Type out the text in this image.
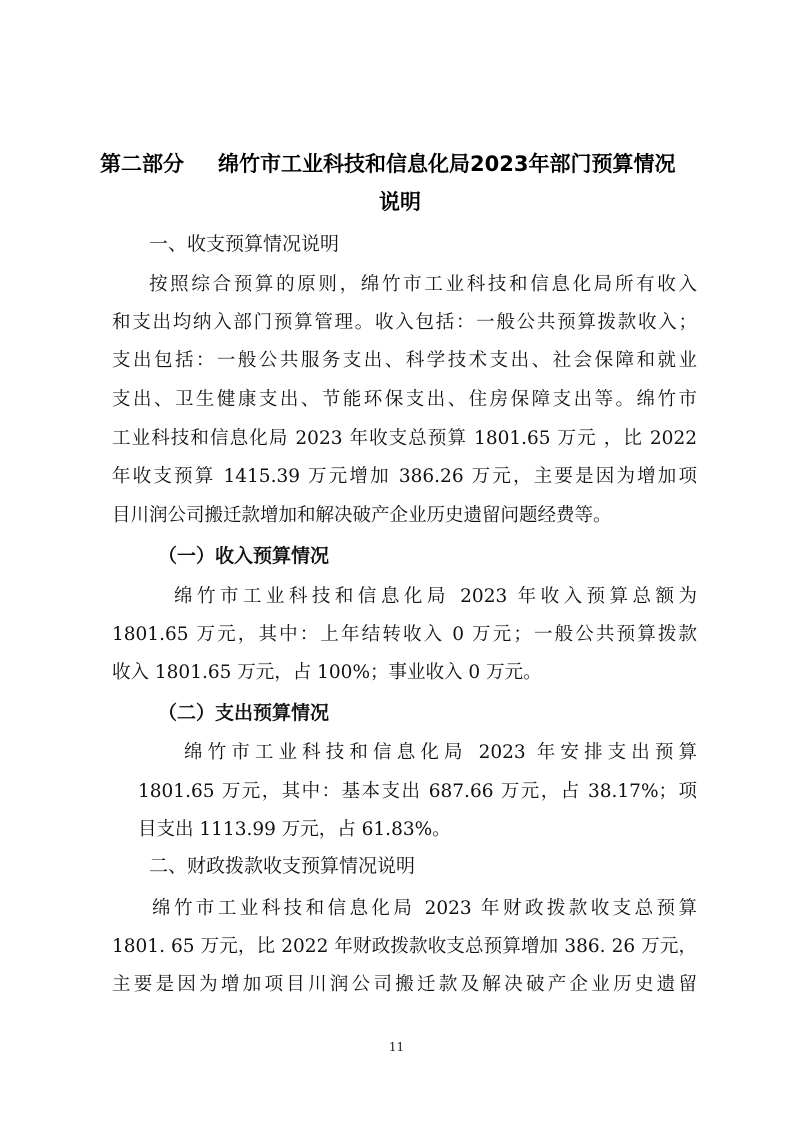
第二部分 绵竹市工业科技和信息化局2023年部门预算情况
说明
一、收支预算情况说明
按照综合预算的原则，绵竹市工业科技和信息化局所有收入
和支出均纳入部门预算管理。收入包括：一般公共预算拨款收入；
支出包括：一般公共服务支出、科学技术支出、社会保障和就业
支出、卫生健康支出、节能环保支出、住房保障支出等。绵竹市
工业科技和信息化局 2023 年收支总预算 1801.65 万元 ，比 2022
年收支预算 1415.39 万元增加 386.26 万元，主要是因为增加项
目川润公司搬迁款增加和解决破产企业历史遗留问题经费等。
（一）收入预算情况
绵竹市工业科技和信息化局 2023 年收入预算总额为
1801.65 万元，其中：上年结转收入 0 万元；一般公共预算拨款
收入 1801.65 万元，占 100%；事业收入 0 万元。
（二）支出预算情况
绵竹市工业科技和信息化局 2023 年安排支出预算
1801.65 万元，其中：基本支出 687.66 万元，占 38.17%；项
目支出 1113.99 万元，占 61.83%。
二、财政拨款收支预算情况说明
绵竹市工业科技和信息化局 2023 年财政拨款收支总预算
1801. 65 万元，比 2022 年财政拨款收支总预算增加 386. 26 万元，
主要是因为增加项目川润公司搬迁款及解决破产企业历史遗留
11
